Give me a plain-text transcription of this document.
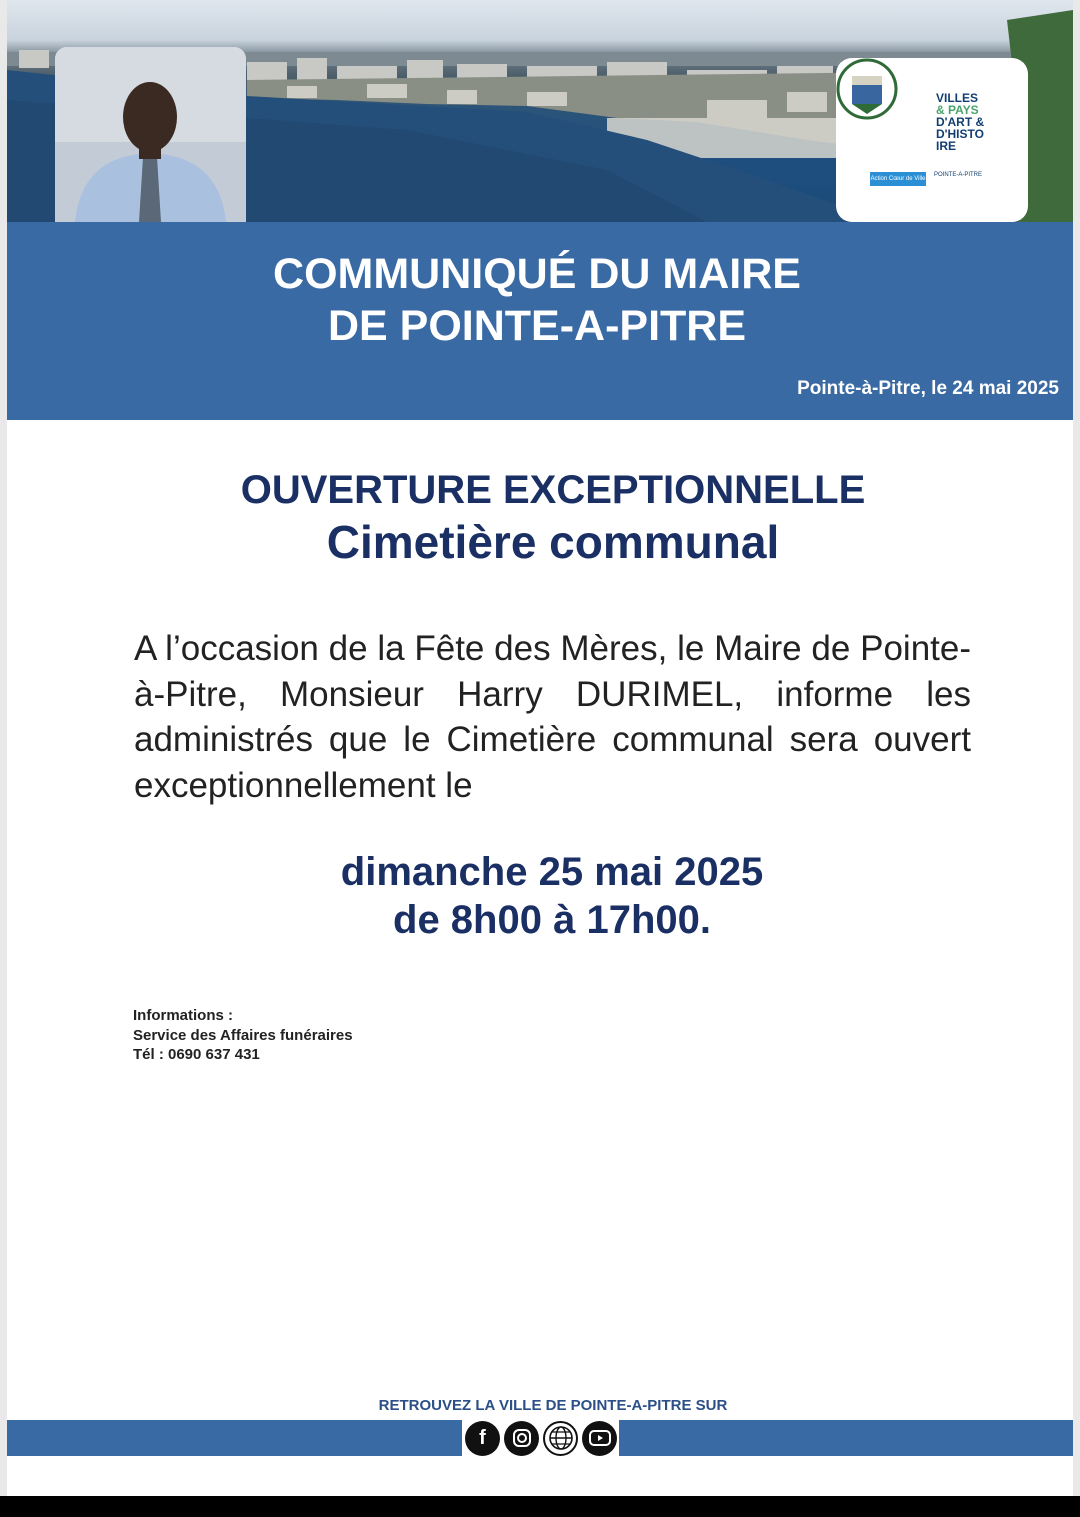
VILLES
& PAYS
D'ART &
D'HISTO
IRE
Action Cœur de Ville
POINTE-A-PITRE
COMMUNIQUÉ DU MAIRE
DE POINTE-A-PITRE
Pointe-à-Pitre, le 24 mai 2025
OUVERTURE EXCEPTIONNELLE
Cimetière communal
A l’occasion de la Fête des Mères, le Maire de Pointe-à-Pitre, Monsieur Harry DURIMEL, informe les administrés que le Cimetière communal sera ouvert exceptionnellement le
dimanche 25 mai 2025
de 8h00 à 17h00.
Informations :
Service des Affaires funéraires
Tél : 0690 637 431
RETROUVEZ LA VILLE DE POINTE-A-PITRE SUR
f
